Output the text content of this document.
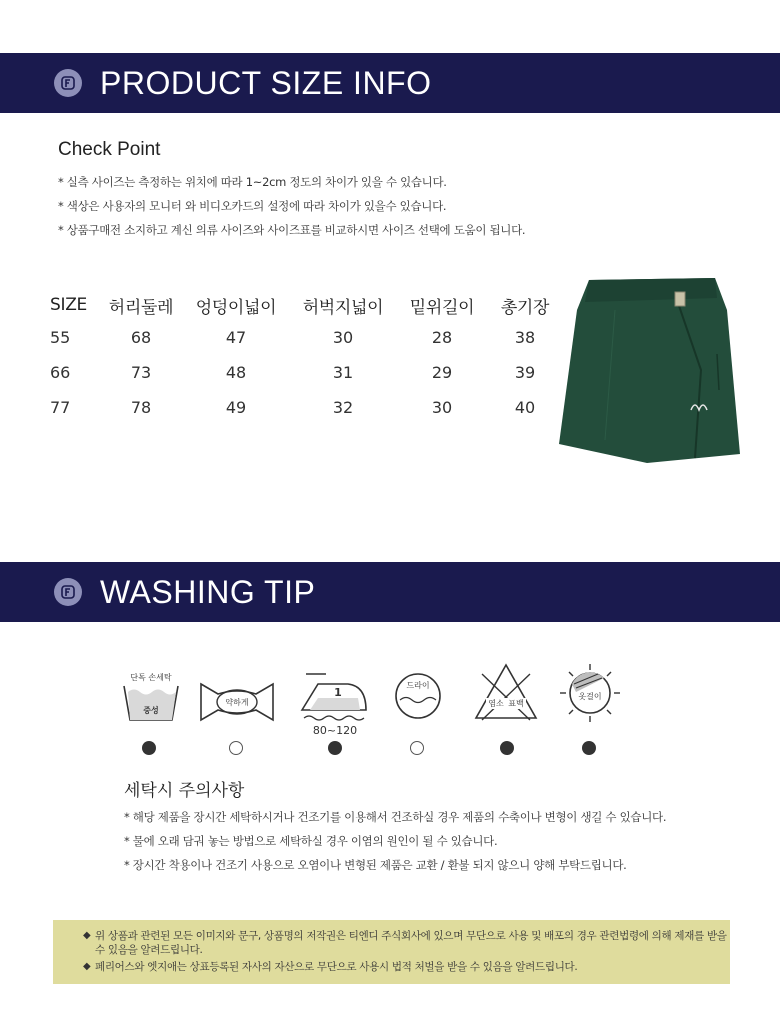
PRODUCT SIZE INFO
Check Point
* 실측 사이즈는 측정하는 위치에 따라 1~2cm 정도의 차이가 있을 수 있습니다.
* 색상은 사용자의 모니터 와 비디오카드의 설정에 따라 차이가 있을수 있습니다.
* 상품구매전 소지하고 계신 의류 사이즈와 사이즈표를 비교하시면 사이즈 선택에 도움이 됩니다.
SIZE	허리둘레	엉덩이넓이	허벅지넓이	밑위길이	총기장
55	68	47	30	28	38
66	73	48	31	29	39
77	78	49	32	30	40
WASHING TIP
단독 손세탁
중성
약하게
1
80~120
드라이
염소 표백
옷걸이
세탁시 주의사항
* 해당 제품을 장시간 세탁하시거나 건조기를 이용해서 건조하실 경우 제품의 수축이나 변형이 생길 수 있습니다.
* 물에 오래 담궈 놓는 방법으로 세탁하실 경우 이염의 원인이 될 수 있습니다.
* 장시간 착용이나 건조기 사용으로 오염이나 변형된 제품은 교환 / 환불 되지 않으니 양해 부탁드립니다.
◆ 위 상품과 관련된 모든 이미지와 문구, 상품명의 저작권은 티엔디 주식회사에 있으며 무단으로 사용 및 배포의 경우 관련법령에 의해 제재를 받을 수 있음을 알려드립니다.
◆ 페리어스와 엣지애는 상표등록된 자사의 자산으로 무단으로 사용시 법적 처벌을 받을 수 있음을 알려드립니다.
